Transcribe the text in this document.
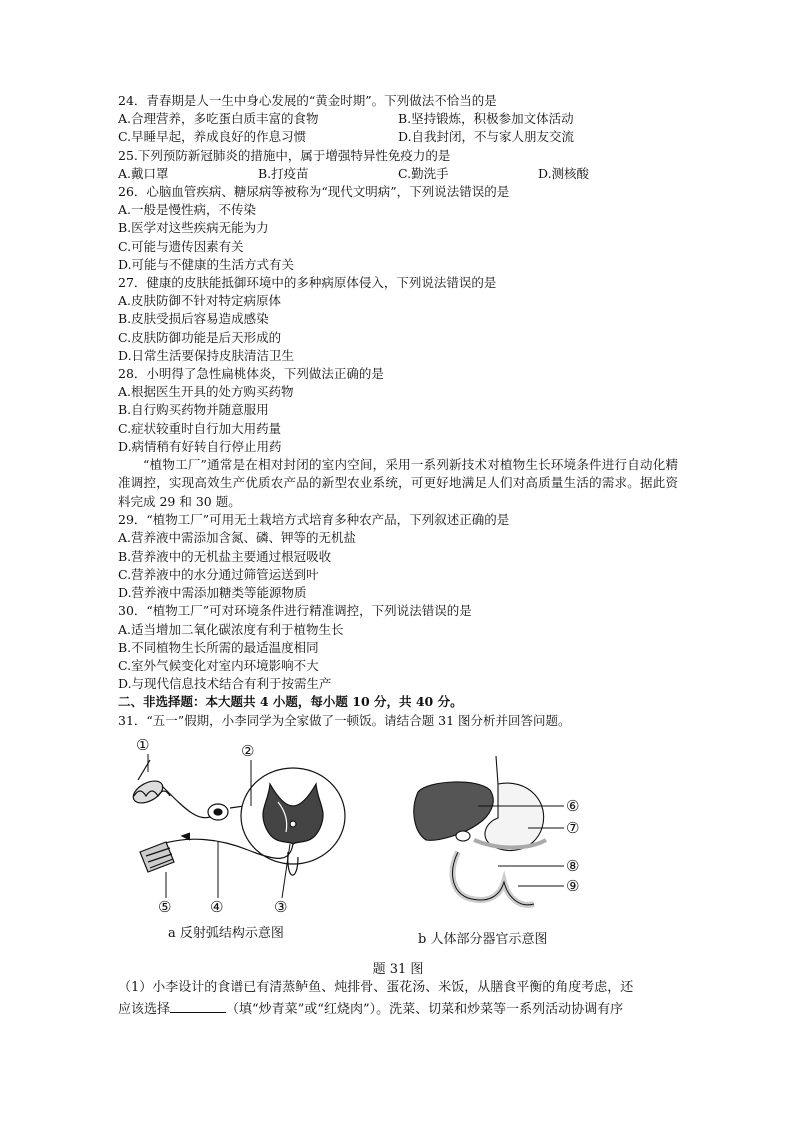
24．青春期是人一生中身心发展的“黄金时期”。下列做法不恰当的是
A.合理营养，多吃蛋白质丰富的食物	B.坚持锻炼，积极参加文体活动
C.早睡早起，养成良好的作息习惯	D.自我封闭，不与家人朋友交流
25.下列预防新冠肺炎的措施中，属于增强特异性免疫力的是
A.戴口罩	B.打疫苗	C.勤洗手	D.测核酸
26．心脑血管疾病、糖尿病等被称为“现代文明病”，下列说法错误的是
A.一般是慢性病，不传染
B.医学对这些疾病无能为力
C.可能与遗传因素有关
D.可能与不健康的生活方式有关
27．健康的皮肤能抵御环境中的多种病原体侵入，下列说法错误的是
A.皮肤防御不针对特定病原体
B.皮肤受损后容易造成感染
C.皮肤防御功能是后天形成的
D.日常生活要保持皮肤清洁卫生
28．小明得了急性扁桃体炎，下列做法正确的是
A.根据医生开具的处方购买药物
B.自行购买药物并随意服用
C.症状较重时自行加大用药量
D.病情稍有好转自行停止用药
“植物工厂”通常是在相对封闭的室内空间，采用一系列新技术对植物生长环境条件进行自动化精准调控，实现高效生产优质农产品的新型农业系统，可更好地满足人们对高质量生活的需求。据此资料完成 29 和 30 题。
29．“植物工厂”可用无土栽培方式培育多种农产品，下列叙述正确的是
A.营养液中需添加含氮、磷、钾等的无机盐
B.营养液中的无机盐主要通过根冠吸收
C.营养液中的水分通过筛管运送到叶
D.营养液中需添加糖类等能源物质
30．“植物工厂”可对环境条件进行精准调控，下列说法错误的是
A.适当增加二氧化碳浓度有利于植物生长
B.不同植物生长所需的最适温度相同
C.室外气候变化对室内环境影响不大
D.与现代信息技术结合有利于按需生产
二、非选择题：本大题共 4 小题，每小题 10 分，共 40 分。
31．“五一”假期，小李同学为全家做了一顿饭。请结合题 31 图分析并回答问题。
①	②
⑤	④	③
⑥
⑦
⑧
⑨
a 反射弧结构示意图	b 人体部分器官示意图
题 31 图
（1）小李设计的食谱已有清蒸鲈鱼、炖排骨、蛋花汤、米饭，从膳食平衡的角度考虑，还
应该选择	（填“炒青菜”或“红烧肉”）。洗菜、切菜和炒菜等一系列活动协调有序
